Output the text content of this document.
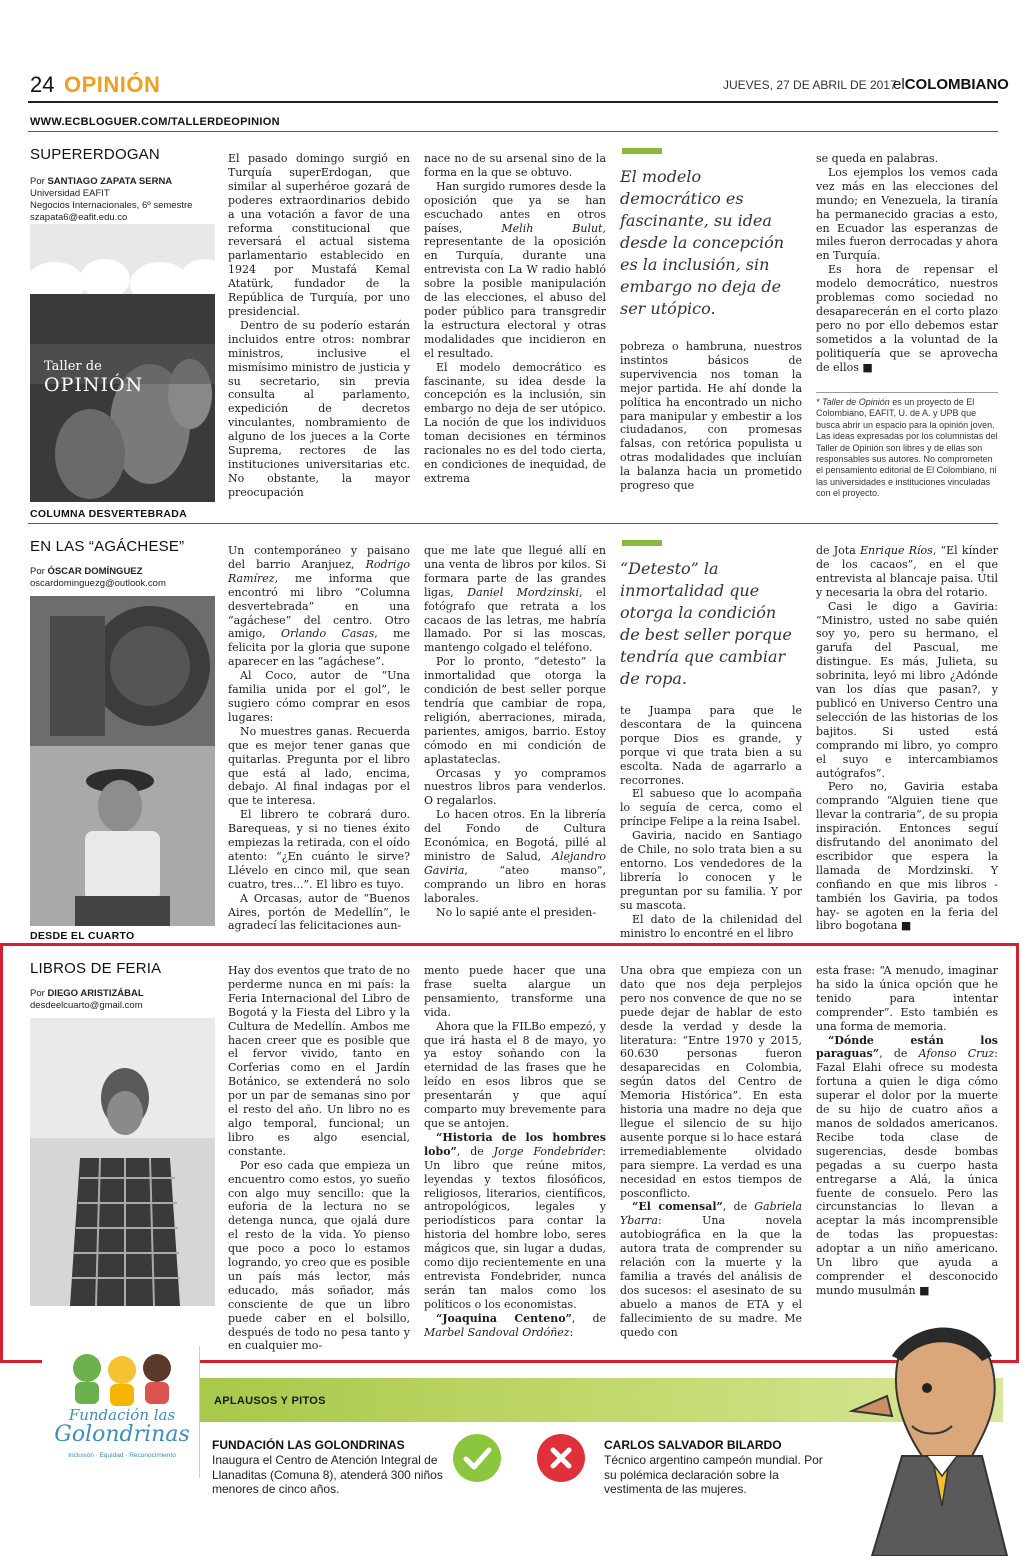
24 OPINIÓN	JUEVES, 27 DE ABRIL DE 2017
elCOLOMBIANO
WWW.ECBLOGUER.COM/TALLERDEOPINION
SUPERERDOGAN
Por SANTIAGO ZAPATA SERNA
Universidad EAFIT
Negocios Internacionales, 6º semestre
szapata6@eafit.edu.co
Taller de
OPINIÓN

El pasado domingo surgió en Turquía superErdogan, que similar al superhéroe gozará de poderes extraordinarios debido a una votación a favor de una reforma constitucional que reversará el actual sistema parlamentario establecido en 1924 por Mustafá Kemal Atatürk, fundador de la República de Turquía, por uno presidencial.

Dentro de su poderío estarán incluidos entre otros: nombrar ministros, inclusive el mismísimo ministro de justicia y su secretario, sin previa consulta al parlamento, expedición de decretos vinculantes, nombramiento de alguno de los jueces a la Corte Suprema, rectores de las instituciones universitarias etc. No obstante, la mayor preocupación

nace no de su arsenal sino de la forma en la que se obtuvo.

Han surgido rumores desde la oposición que ya se han escuchado antes en otros países, Melih Bulut, representante de la oposición en Turquía, durante una entrevista con La W radio habló sobre la posible manipulación de las elecciones, el abuso del poder público para transgredir la estructura electoral y otras modalidades que incidieron en el resultado.

El modelo democrático es fascinante, su idea desde la concepción es la inclusión, sin embargo no deja de ser utópico. La noción de que los individuos toman decisiones en términos racionales no es del todo cierta, en condiciones de inequidad, de extrema

El modelo democrático es fascinante, su idea desde la concepción es la inclusión, sin embargo no deja de ser utópico.

pobreza o hambruna, nuestros instintos básicos de supervivencia nos toman la mejor partida. He ahí donde la política ha encontrado un nicho para manipular y embestir a los ciudadanos, con promesas falsas, con retórica populista u otras modalidades que incluían la balanza hacia un prometido progreso que

se queda en palabras.

Los ejemplos los vemos cada vez más en las elecciones del mundo; en Venezuela, la tiranía ha permanecido gracias a esto, en Ecuador las esperanzas de miles fueron derrocadas y ahora en Turquía.

Es hora de repensar el modelo democrático, nuestros problemas como sociedad no desaparecerán en el corto plazo pero no por ello debemos estar sometidos a la voluntad de la politiquería que se aprovecha de ellos ■

* Taller de Opinión es un proyecto de El Colombiano, EAFIT, U. de A. y UPB que busca abrir un espacio para la opinión joven. Las ideas expresadas por los columnistas del Taller de Opinión son libres y de ellas son responsables sus autores. No comprometen el pensamiento editorial de El Colombiano, ni las universidades e instituciones vinculadas con el proyecto.
COLUMNA DESVERTEBRADA
EN LAS “AGÁCHESE”
Por ÓSCAR DOMÍNGUEZ
oscardominguezg@outlook.com

Un contemporáneo y paisano del barrio Aranjuez, Rodrigo Ramírez, me informa que encontró mi libro “Columna desvertebrada” en una “agáchese” del centro. Otro amigo, Orlando Casas, me felicita por la gloria que supone aparecer en las “agáchese”.

Al Coco, autor de “Una familia unida por el gol”, le sugiero cómo comprar en esos lugares:

No muestres ganas. Recuerda que es mejor tener ganas que quitarlas. Pregunta por el libro que está al lado, encima, debajo. Al final indagas por el que te interesa.

El librero te cobrará duro. Barequeas, y si no tienes éxito empiezas la retirada, con el oído atento: “¿En cuánto le sirve? Llévelo en cinco mil, que sean cuatro, tres...”. El libro es tuyo.

A Orcasas, autor de “Buenos Aires, portón de Medellín”, le agradecí las felicitaciones aun-

que me late que llegué allí en una venta de libros por kilos. Si formara parte de las grandes ligas, Daniel Mordzinski, el fotógrafo que retrata a los cacaos de las letras, me habría llamado. Por si las moscas, mantengo colgado el teléfono.

Por lo pronto, “detesto” la inmortalidad que otorga la condición de best seller porque tendría que cambiar de ropa, religión, aberraciones, mirada, parientes, amigos, barrio. Estoy cómodo en mi condición de aplastateclas.

Orcasas y yo compramos nuestros libros para venderlos. O regalarlos.

Lo hacen otros. En la librería del Fondo de Cultura Económica, en Bogotá, pillé al ministro de Salud, Alejandro Gaviria, “ateo manso”, comprando un libro en horas laborales.

No lo sapié ante el presiden-

“Detesto” la inmortalidad que otorga la condición de best seller porque tendría que cambiar de ropa.

te Juampa para que le descontara de la quincena porque Dios es grande, y porque vi que trata bien a su escolta. Nada de agarrarlo a recorrones.

El sabueso que lo acompaña lo seguía de cerca, como el príncipe Felipe a la reina Isabel.

Gaviria, nacido en Santiago de Chile, no solo trata bien a su entorno. Los vendedores de la librería lo conocen y le preguntan por su familia. Y por su mascota.

El dato de la chilenidad del ministro lo encontré en el libro

de Jota Enrique Ríos, “El kínder de los cacaos”, en el que entrevista al blancaje paisa. Útil y necesaria la obra del rotario.

Casi le digo a Gaviria: “Ministro, usted no sabe quién soy yo, pero su hermano, el garufa del Pascual, me distingue. Es más, Julieta, su sobrinita, leyó mi libro ¿Adónde van los días que pasan?, y publicó en Universo Centro una selección de las historias de los bajitos. Si usted está comprando mi libro, yo compro el suyo e intercambiamos autógrafos”.

Pero no, Gaviria estaba comprando “Alguien tiene que llevar la contraria”, de su propia inspiración. Entonces seguí disfrutando del anonimato del escribidor que espera la llamada de Mordzinski. Y confiando en que mis libros - también los Gaviria, pa todos hay- se agoten en la feria del libro bogotana ■

DESDE EL CUARTO
LIBROS DE FERIA
Por DIEGO ARISTIZÁBAL
desdeelcuarto@gmail.com

Hay dos eventos que trato de no perderme nunca en mi país: la Feria Internacional del Libro de Bogotá y la Fiesta del Libro y la Cultura de Medellín. Ambos me hacen creer que es posible que el fervor vivido, tanto en Corferias como en el Jardín Botánico, se extenderá no solo por un par de semanas sino por el resto del año. Un libro no es algo temporal, funcional; un libro es algo esencial, constante.

Por eso cada que empieza un encuentro como estos, yo sueño con algo muy sencillo: que la euforia de la lectura no se detenga nunca, que ojalá dure el resto de la vida. Yo pienso que poco a poco lo estamos logrando, yo creo que es posible un país más lector, más educado, más soñador, más consciente de que un libro puede caber en el bolsillo, después de todo no pesa tanto y en cualquier mo-

mento puede hacer que una frase suelta alargue un pensamiento, transforme una vida.

Ahora que la FILBo empezó, y que irá hasta el 8 de mayo, yo ya estoy soñando con la eternidad de las frases que he leído en esos libros que se presentarán y que aquí comparto muy brevemente para que se antojen.

“Historia de los hombres lobo”, de Jorge Fondebrider: Un libro que reúne mitos, leyendas y textos filosóficos, religiosos, literarios, científicos, antropológicos, legales y periodísticos para contar la historia del hombre lobo, seres mágicos que, sin lugar a dudas, como dijo recientemente en una entrevista Fondebrider, nunca serán tan malos como los políticos o los economistas.

“Joaquina Centeno”, de Marbel Sandoval Ordóñez:

Una obra que empieza con un dato que nos deja perplejos pero nos convence de que no se puede dejar de hablar de esto desde la verdad y desde la literatura: “Entre 1970 y 2015, 60.630 personas fueron desaparecidas en Colombia, según datos del Centro de Memoria Histórica”. En esta historia una madre no deja que llegue el silencio de su hijo ausente porque si lo hace estará irremediablemente olvidado para siempre. La verdad es una necesidad en estos tiempos de posconflicto.

“El comensal”, de Gabriela Ybarra: Una novela autobiográfica en la que la autora trata de comprender su relación con la muerte y la familia a través del análisis de dos sucesos: el asesinato de su abuelo a manos de ETA y el fallecimiento de su madre. Me quedo con

esta frase: “A menudo, imaginar ha sido la única opción que he tenido para intentar comprender”. Esto también es una forma de memoria.

“Dónde están los paraguas”, de Afonso Cruz: Fazal Elahi ofrece su modesta fortuna a quien le diga cómo superar el dolor por la muerte de su hijo de cuatro años a manos de soldados americanos. Recibe toda clase de sugerencias, desde bombas pegadas a su cuerpo hasta entregarse a Alá, la única fuente de consuelo. Pero las circunstancias lo llevan a aceptar la más incomprensible de todas las propuestas: adoptar a un niño americano. Un libro que ayuda a comprender el desconocido mundo musulmán ■

APLAUSOS Y PITOS
Fundación las
Golondrinas
Inclusión · Equidad · Reconocimiento
FUNDACIÓN LAS GOLONDRINAS
Inaugura el Centro de Atención Integral de Llanaditas (Comuna 8), atenderá 300 niños menores de cinco años.
CARLOS SALVADOR BILARDO
Técnico argentino campeón mundial. Por su polémica declaración sobre la vestimenta de las mujeres.
